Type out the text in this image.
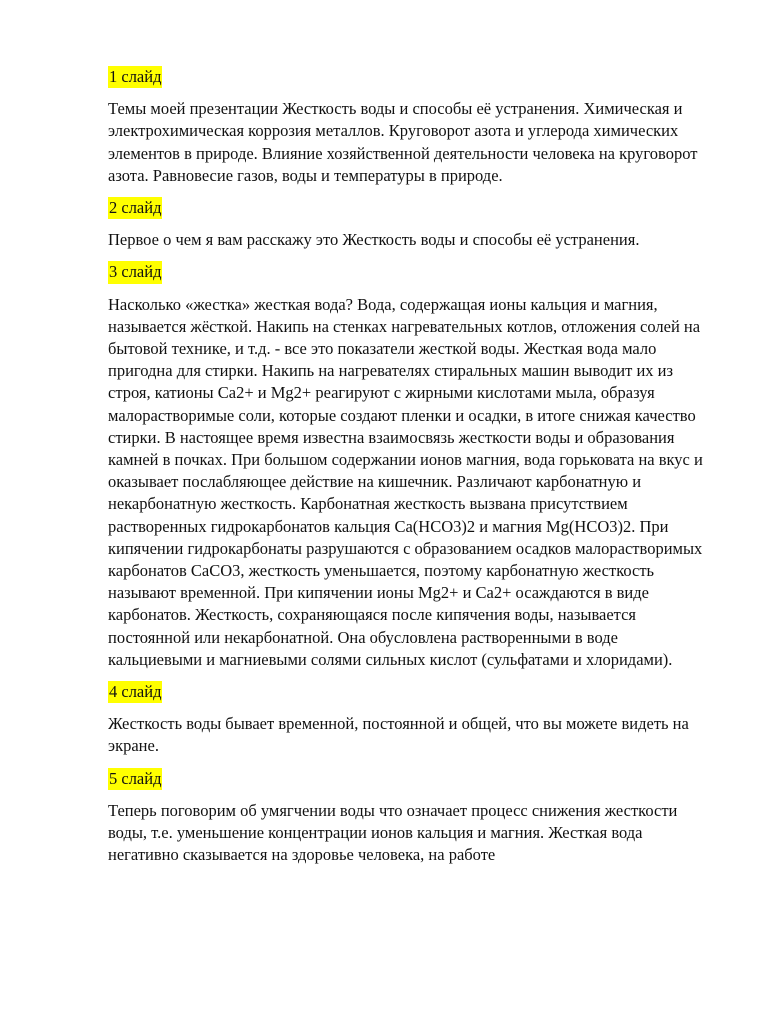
1 слайд

Темы моей презентации Жесткость воды и способы её устранения. Химическая и электрохимическая коррозия металлов. Круговорот азота и углерода химических элементов в природе. Влияние хозяйственной деятельности человека на круговорот азота. Равновесие газов, воды и температуры в природе.

2 слайд

Первое о чем я вам расскажу это Жесткость воды и способы её устранения.

3 слайд

Насколько «жестка» жесткая вода? Вода, содержащая ионы кальция и магния, называется жёсткой. Накипь на стенках нагревательных котлов, отложения солей на бытовой технике, и т.д. - все это показатели жесткой воды. Жесткая вода мало пригодна для стирки. Накипь на нагревателях стиральных машин выводит их из строя, катионы Ca2+ и Mg2+ реагируют с жирными кислотами мыла, образуя малорастворимые соли, которые создают пленки и осадки, в итоге снижая качество стирки. В настоящее время известна взаимосвязь жесткости воды и образования камней в почках. При большом содержании ионов магния, вода горьковата на вкус и оказывает послабляющее действие на кишечник. Различают карбонатную и некарбонатную жесткость. Карбонатная жесткость вызвана присутствием растворенных гидрокарбонатов кальция Ca(HCO3)2 и магния Mg(HCO3)2. При кипячении гидрокарбонаты разрушаются с образованием осадков малорастворимых карбонатов CaCO3, жесткость уменьшается, поэтому карбонатную жесткость называют временной. При кипячении ионы Mg2+ и Ca2+ осаждаются в виде карбонатов. Жесткость, сохраняющаяся после кипячения воды, называется постоянной или некарбонатной. Она обусловлена растворенными в воде кальциевыми и магниевыми солями сильных кислот (сульфатами и хлоридами).

4 слайд

Жесткость воды бывает временной, постоянной и общей, что вы можете видеть на экране.

5 слайд

Теперь поговорим об умягчении воды что означает процесс снижения жесткости воды, т.е. уменьшение концентрации ионов кальция и магния. Жесткая вода негативно сказывается на здоровье человека, на работе
